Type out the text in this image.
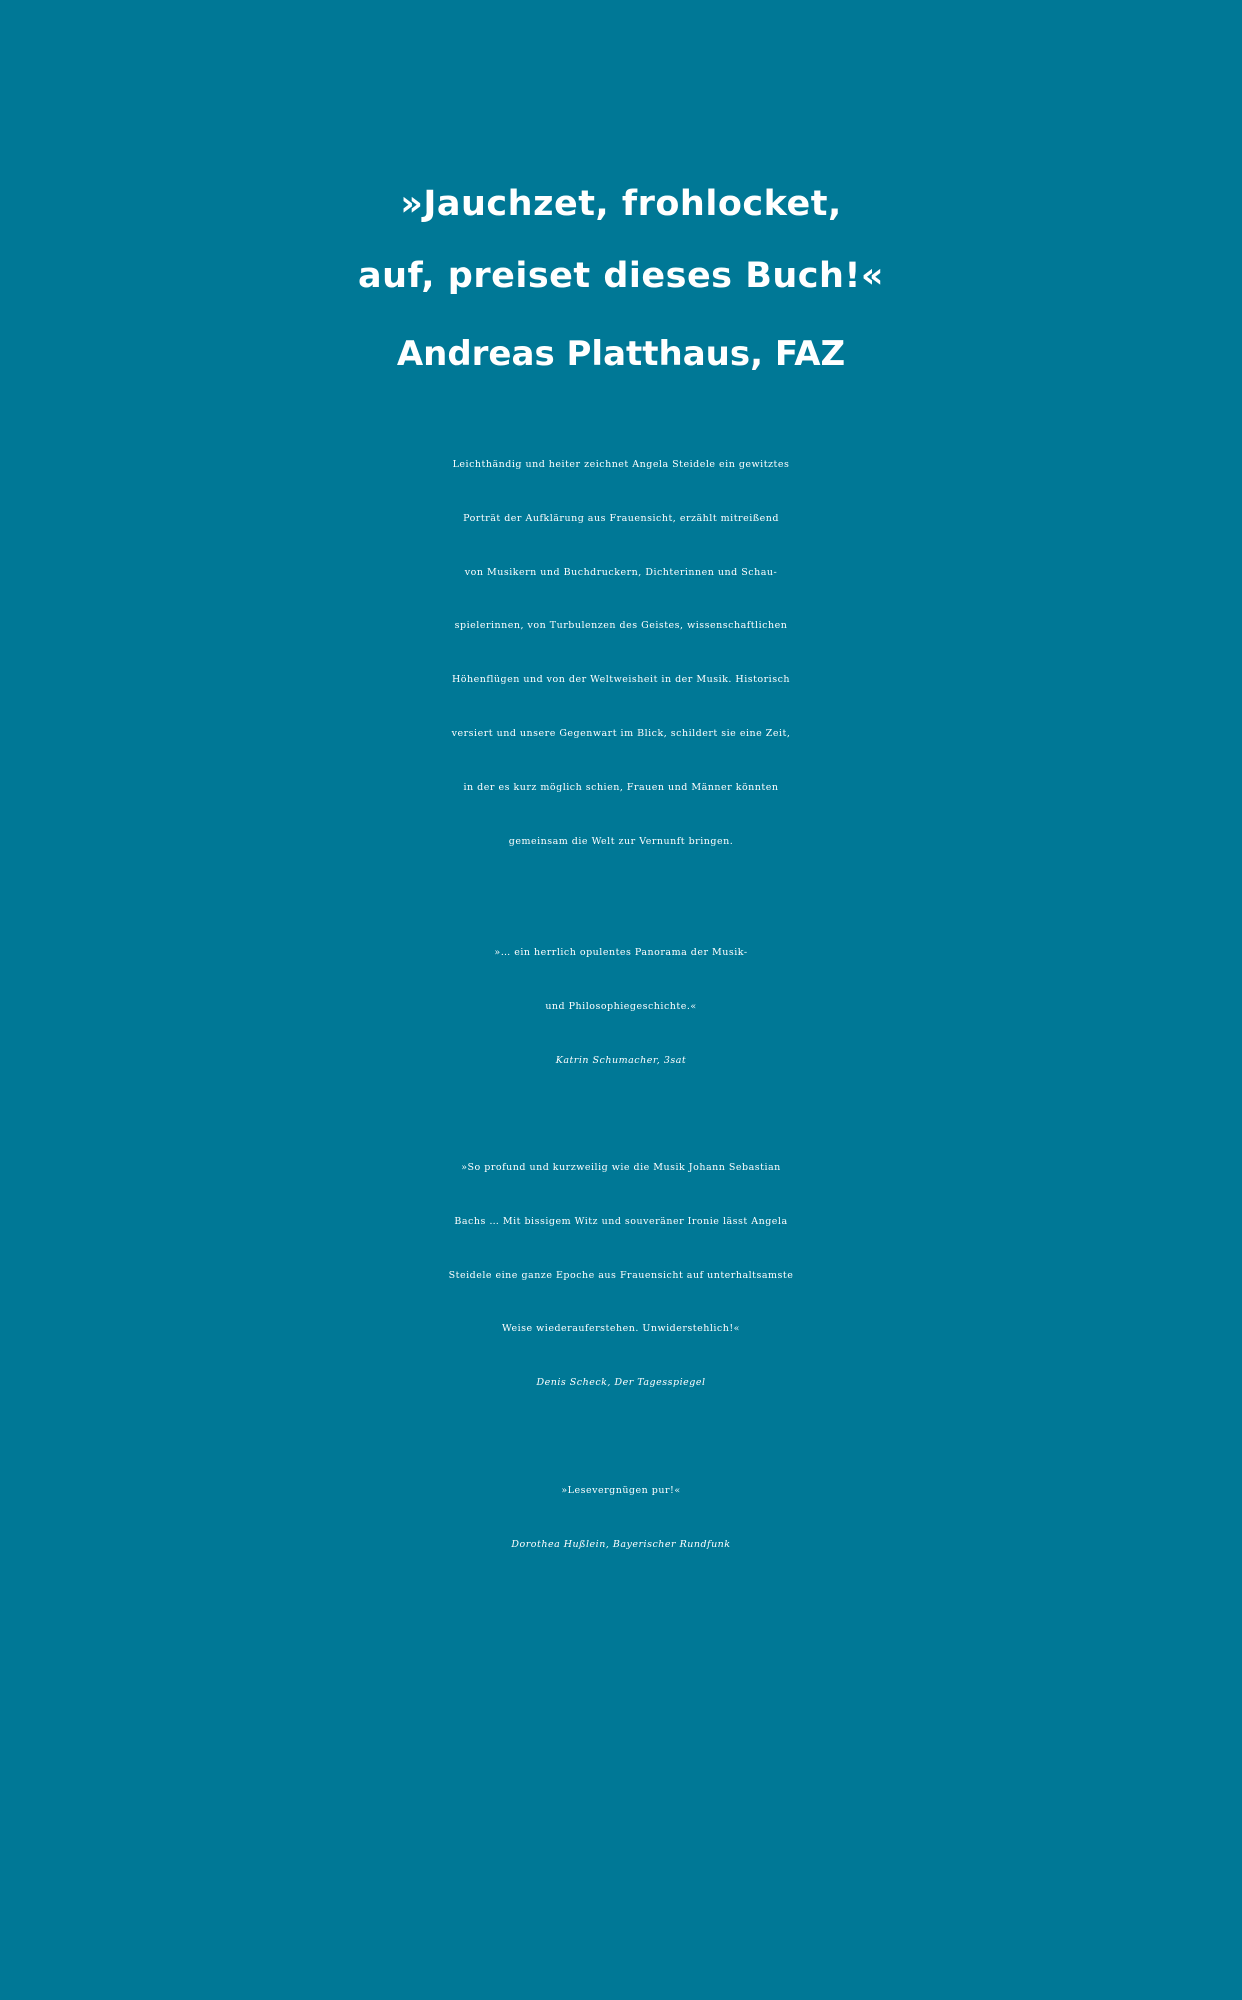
»Jauchzet, frohlocket,
auf, preiset dieses Buch!«
Andreas Platthaus, FAZ
Leichthändig und heiter zeichnet Angela Steidele ein gewitztes
Porträt der Aufklärung aus Frauensicht, erzählt mitreißend
von Musikern und Buchdruckern, Dichterinnen und Schau-
spielerinnen, von Turbulenzen des Geistes, wissenschaftlichen
Höhenflügen und von der Weltweisheit in der Musik. Historisch
versiert und unsere Gegenwart im Blick, schildert sie eine Zeit,
in der es kurz möglich schien, Frauen und Männer könnten
gemeinsam die Welt zur Vernunft bringen.
»… ein herrlich opulentes Panorama der Musik-
und Philosophiegeschichte.«
Katrin Schumacher, 3sat
»So profund und kurzweilig wie die Musik Johann Sebastian
Bachs … Mit bissigem Witz und souveräner Ironie lässt Angela
Steidele eine ganze Epoche aus Frauensicht auf unterhaltsamste
Weise wiederauferstehen. Unwiderstehlich!«
Denis Scheck, Der Tagesspiegel
»Lesevergnügen pur!«
Dorothea Hußlein, Bayerischer Rundfunk
